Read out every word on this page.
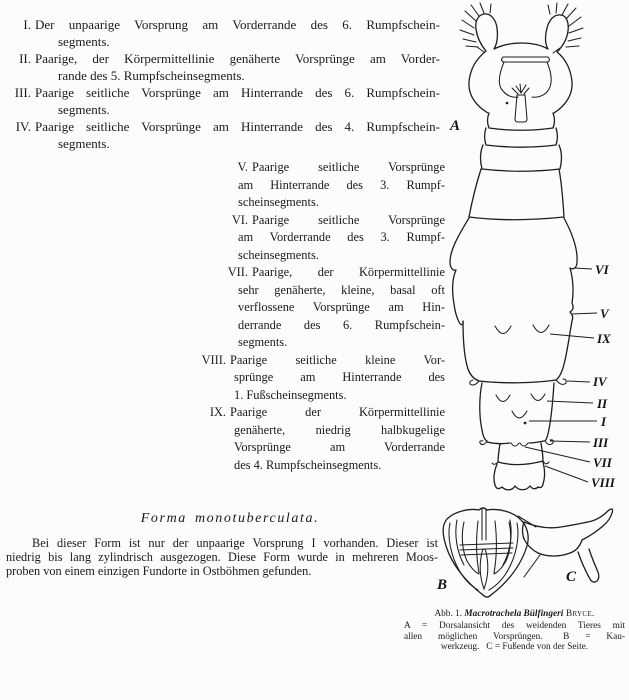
I. Der unpaarige Vorsprung am Vorderrande des 6. Rumpfschein-
segments.
II. Paarige, der Körpermittellinie genäherte Vorsprünge am Vorder-
rande des 5. Rumpfscheinsegments.
III. Paarige seitliche Vorsprünge am Hinterrande des 6. Rumpfschein-
segments.
IV. Paarige seitliche Vorsprünge am Hinterrande des 4. Rumpfschein-
segments.
V. Paarige seitliche Vorsprünge
am Hinterrande des 3. Rumpf-
scheinsegments.
VI. Paarige seitliche Vorsprünge
am Vorderrande des 3. Rumpf-
scheinsegments.
VII. Paarige, der Körpermittellinie
sehr genäherte, kleine, basal oft
verflossene Vorsprünge am Hin-
derrande des 6. Rumpfschein-
segments.
VIII. Paarige seitliche kleine Vor-
sprünge am Hinterrande des
1. Fußscheinsegments.
IX. Paarige der Körpermittellinie
genäherte, niedrig halbkugelige
Vorsprünge am Vorderrande
des 4. Rumpfscheinsegments.
Forma monotuberculata.
Bei dieser Form ist nur der unpaarige Vorsprung I vorhanden. Dieser ist
niedrig bis lang zylindrisch ausgezogen. Diese Form wurde in mehreren Moos-
proben von einem einzigen Fundorte in Ostböhmen gefunden.
VI
V
IX
IV
II
I
III
VII
VIII
A
B	C
Abb. 1. Macrotrachela Bülfingeri Bryce.
A = Dorsalansicht des weidenden Tieres mit
allen möglichen Vorsprüngen.  B = Kau-
werkzeug.  C = Fußende von der Seite.
